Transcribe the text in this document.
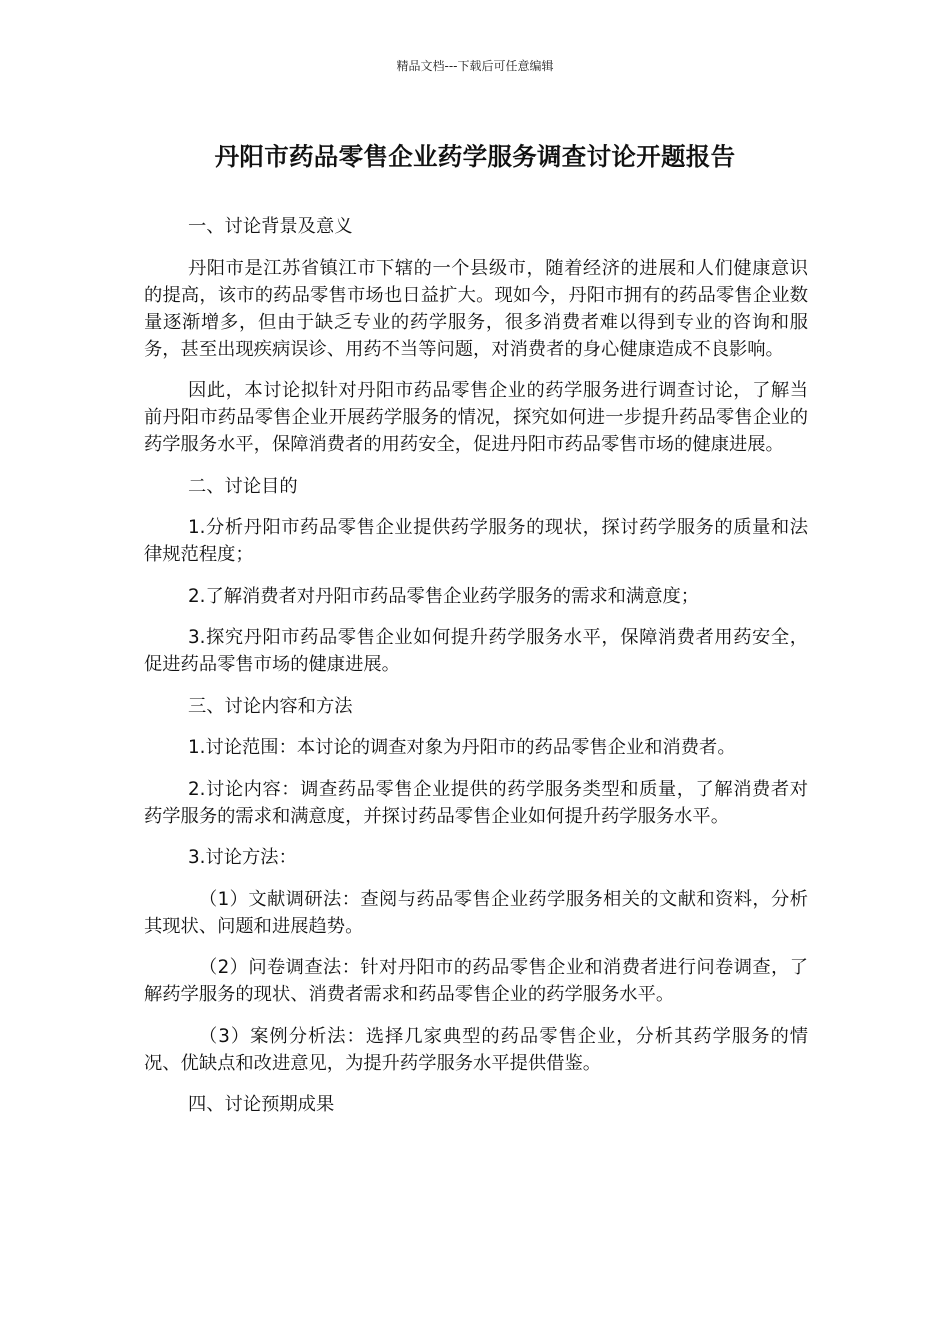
精品文档---下载后可任意编辑
丹阳市药品零售企业药学服务调查讨论开题报告

一、讨论背景及意义

丹阳市是江苏省镇江市下辖的一个县级市，随着经济的进展和人们健康意识的提高，该市的药品零售市场也日益扩大。现如今，丹阳市拥有的药品零售企业数量逐渐增多，但由于缺乏专业的药学服务，很多消费者难以得到专业的咨询和服务，甚至出现疾病误诊、用药不当等问题，对消费者的身心健康造成不良影响。

因此，本讨论拟针对丹阳市药品零售企业的药学服务进行调查讨论，了解当前丹阳市药品零售企业开展药学服务的情况，探究如何进一步提升药品零售企业的药学服务水平，保障消费者的用药安全，促进丹阳市药品零售市场的健康进展。

二、讨论目的

1.分析丹阳市药品零售企业提供药学服务的现状，探讨药学服务的质量和法律规范程度；

2.了解消费者对丹阳市药品零售企业药学服务的需求和满意度；

3.探究丹阳市药品零售企业如何提升药学服务水平，保障消费者用药安全，促进药品零售市场的健康进展。

三、讨论内容和方法

1.讨论范围：本讨论的调查对象为丹阳市的药品零售企业和消费者。

2.讨论内容：调查药品零售企业提供的药学服务类型和质量，了解消费者对药学服务的需求和满意度，并探讨药品零售企业如何提升药学服务水平。

3.讨论方法：

（1）文献调研法：查阅与药品零售企业药学服务相关的文献和资料，分析其现状、问题和进展趋势。

（2）问卷调查法：针对丹阳市的药品零售企业和消费者进行问卷调查，了解药学服务的现状、消费者需求和药品零售企业的药学服务水平。

（3）案例分析法：选择几家典型的药品零售企业，分析其药学服务的情况、优缺点和改进意见，为提升药学服务水平提供借鉴。

四、讨论预期成果
